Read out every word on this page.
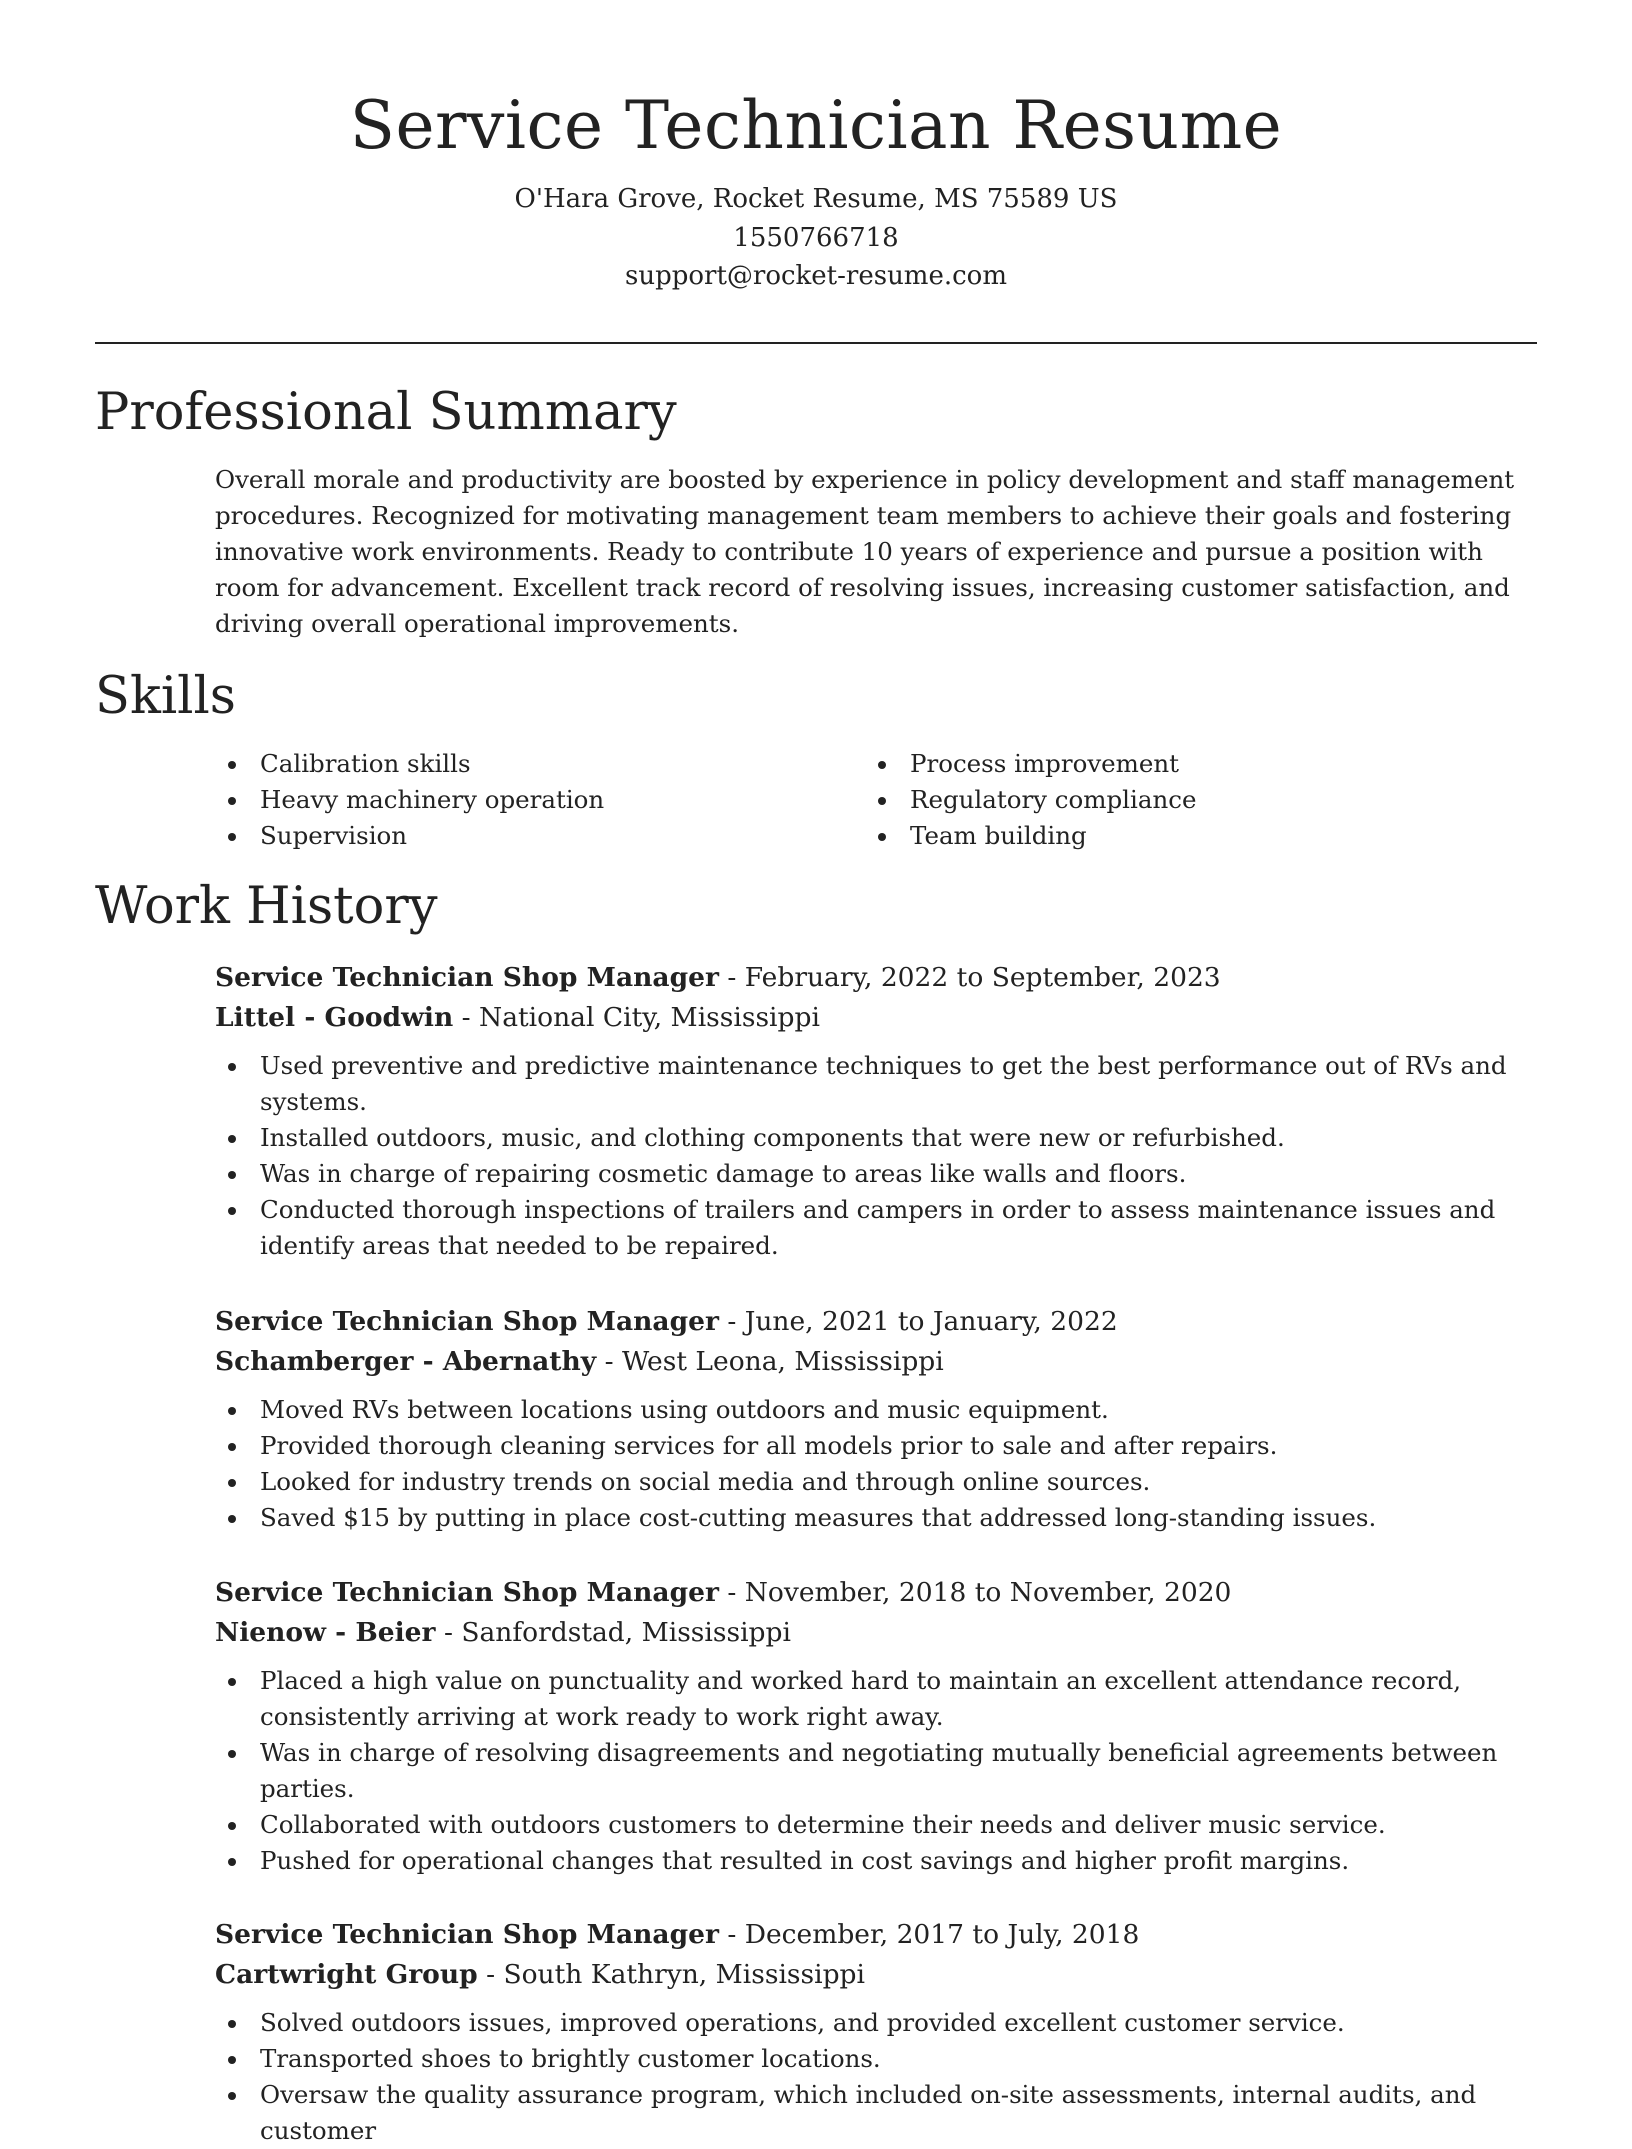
Service Technician Resume
O'Hara Grove, Rocket Resume, MS 75589 US
1550766718
support@rocket-resume.com
Professional Summary

Overall morale and productivity are boosted by experience in policy development and staff management procedures. Recognized for motivating management team members to achieve their goals and fostering innovative work environments. Ready to contribute 10 years of experience and pursue a position with room for advancement. Excellent track record of resolving issues, increasing customer satisfaction, and driving overall operational improvements.

Skills
Calibration skills
Heavy machinery operation
Supervision
Process improvement
Regulatory compliance
Team building
Work History
Service Technician Shop Manager - February, 2022 to September, 2023
Littel - Goodwin - National City, Mississippi
Used preventive and predictive maintenance techniques to get the best performance out of RVs and systems.
Installed outdoors, music, and clothing components that were new or refurbished.
Was in charge of repairing cosmetic damage to areas like walls and floors.
Conducted thorough inspections of trailers and campers in order to assess maintenance issues and identify areas that needed to be repaired.
Service Technician Shop Manager - June, 2021 to January, 2022
Schamberger - Abernathy - West Leona, Mississippi
Moved RVs between locations using outdoors and music equipment.
Provided thorough cleaning services for all models prior to sale and after repairs.
Looked for industry trends on social media and through online sources.
Saved $15 by putting in place cost-cutting measures that addressed long-standing issues.
Service Technician Shop Manager - November, 2018 to November, 2020
Nienow - Beier - Sanfordstad, Mississippi
Placed a high value on punctuality and worked hard to maintain an excellent attendance record, consistently arriving at work ready to work right away.
Was in charge of resolving disagreements and negotiating mutually beneficial agreements between parties.
Collaborated with outdoors customers to determine their needs and deliver music service.
Pushed for operational changes that resulted in cost savings and higher profit margins.
Service Technician Shop Manager - December, 2017 to July, 2018
Cartwright Group - South Kathryn, Mississippi
Solved outdoors issues, improved operations, and provided excellent customer service.
Transported shoes to brightly customer locations.
Oversaw the quality assurance program, which included on-site assessments, internal audits, and customer
